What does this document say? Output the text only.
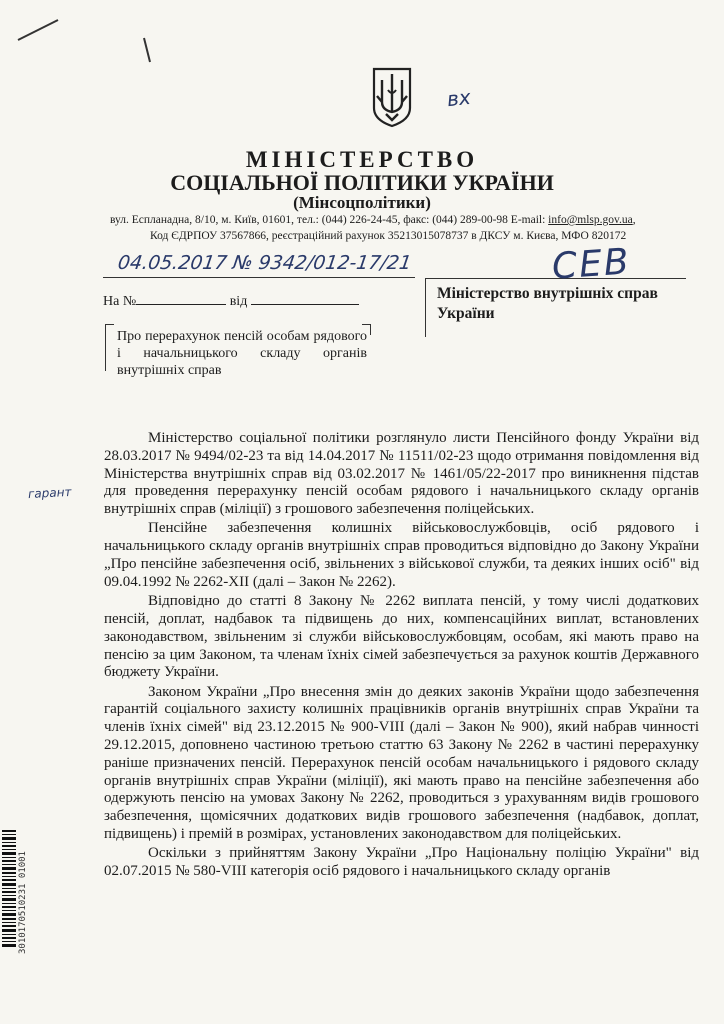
МІНІСТЕРСТВО
СОЦІАЛЬНОЇ ПОЛІТИКИ УКРАЇНИ
(Мінсоцполітики)
вул. Еспланадна, 8/10, м. Київ, 01601, тел.: (044) 226-24-45, факс: (044) 289-00-98 E-mail: info@mlsp.gov.ua,
Код ЄДРПОУ 37567866, реєстраційний рахунок 35213015078737 в ДКСУ м. Києва, МФО 820172
04.05.2017 № 9342/012-17/21
На №	від	Міністерство внутрішніх справ України
Про перерахунок пенсій особам рядового і начальницького складу органів внутрішніх справ
вх
СЕВ
гарант

Міністерство соціальної політики розглянуло листи Пенсійного фонду України від 28.03.2017 № 9494/02-23 та від 14.04.2017 № 11511/02-23 щодо отримання повідомлення від Міністерства внутрішніх справ від 03.02.2017 № 1461/05/22-2017 про виникнення підстав для проведення перерахунку пенсій особам рядового і начальницького складу органів внутрішніх справ (міліції) з грошового забезпечення поліцейських.

Пенсійне забезпечення колишніх військовослужбовців, осіб рядового і начальницького складу органів внутрішніх справ проводиться відповідно до Закону України „Про пенсійне забезпечення осіб, звільнених з військової служби, та деяких інших осіб" від 09.04.1992 № 2262-XII (далі – Закон № 2262).

Відповідно до статті 8 Закону № 2262 виплата пенсій, у тому числі додаткових пенсій, доплат, надбавок та підвищень до них, компенсаційних виплат, встановлених законодавством, звільненим зі служби військовослужбовцям, особам, які мають право на пенсію за цим Законом, та членам їхніх сімей забезпечується за рахунок коштів Державного бюджету України.

Законом України „Про внесення змін до деяких законів України щодо забезпечення гарантій соціального захисту колишніх працівників органів внутрішніх справ України та членів їхніх сімей" від 23.12.2015 № 900-VIII (далі – Закон № 900), який набрав чинності 29.12.2015, доповнено частиною третьою статтю 63 Закону № 2262 в частині перерахунку раніше призначених пенсій. Перерахунок пенсій особам начальницького і рядового складу органів внутрішніх справ України (міліції), які мають право на пенсійне забезпечення або одержують пенсію на умовах Закону № 2262, проводиться з урахуванням видів грошового забезпечення, щомісячних додаткових видів грошового забезпечення (надбавок, доплат, підвищень) і премій в розмірах, установлених законодавством для поліцейських.

Оскільки з прийняттям Закону України „Про Національну поліцію України" від 02.07.2015 № 580-VIII категорія осіб рядового і начальницького складу органів

3010170510231 01001
